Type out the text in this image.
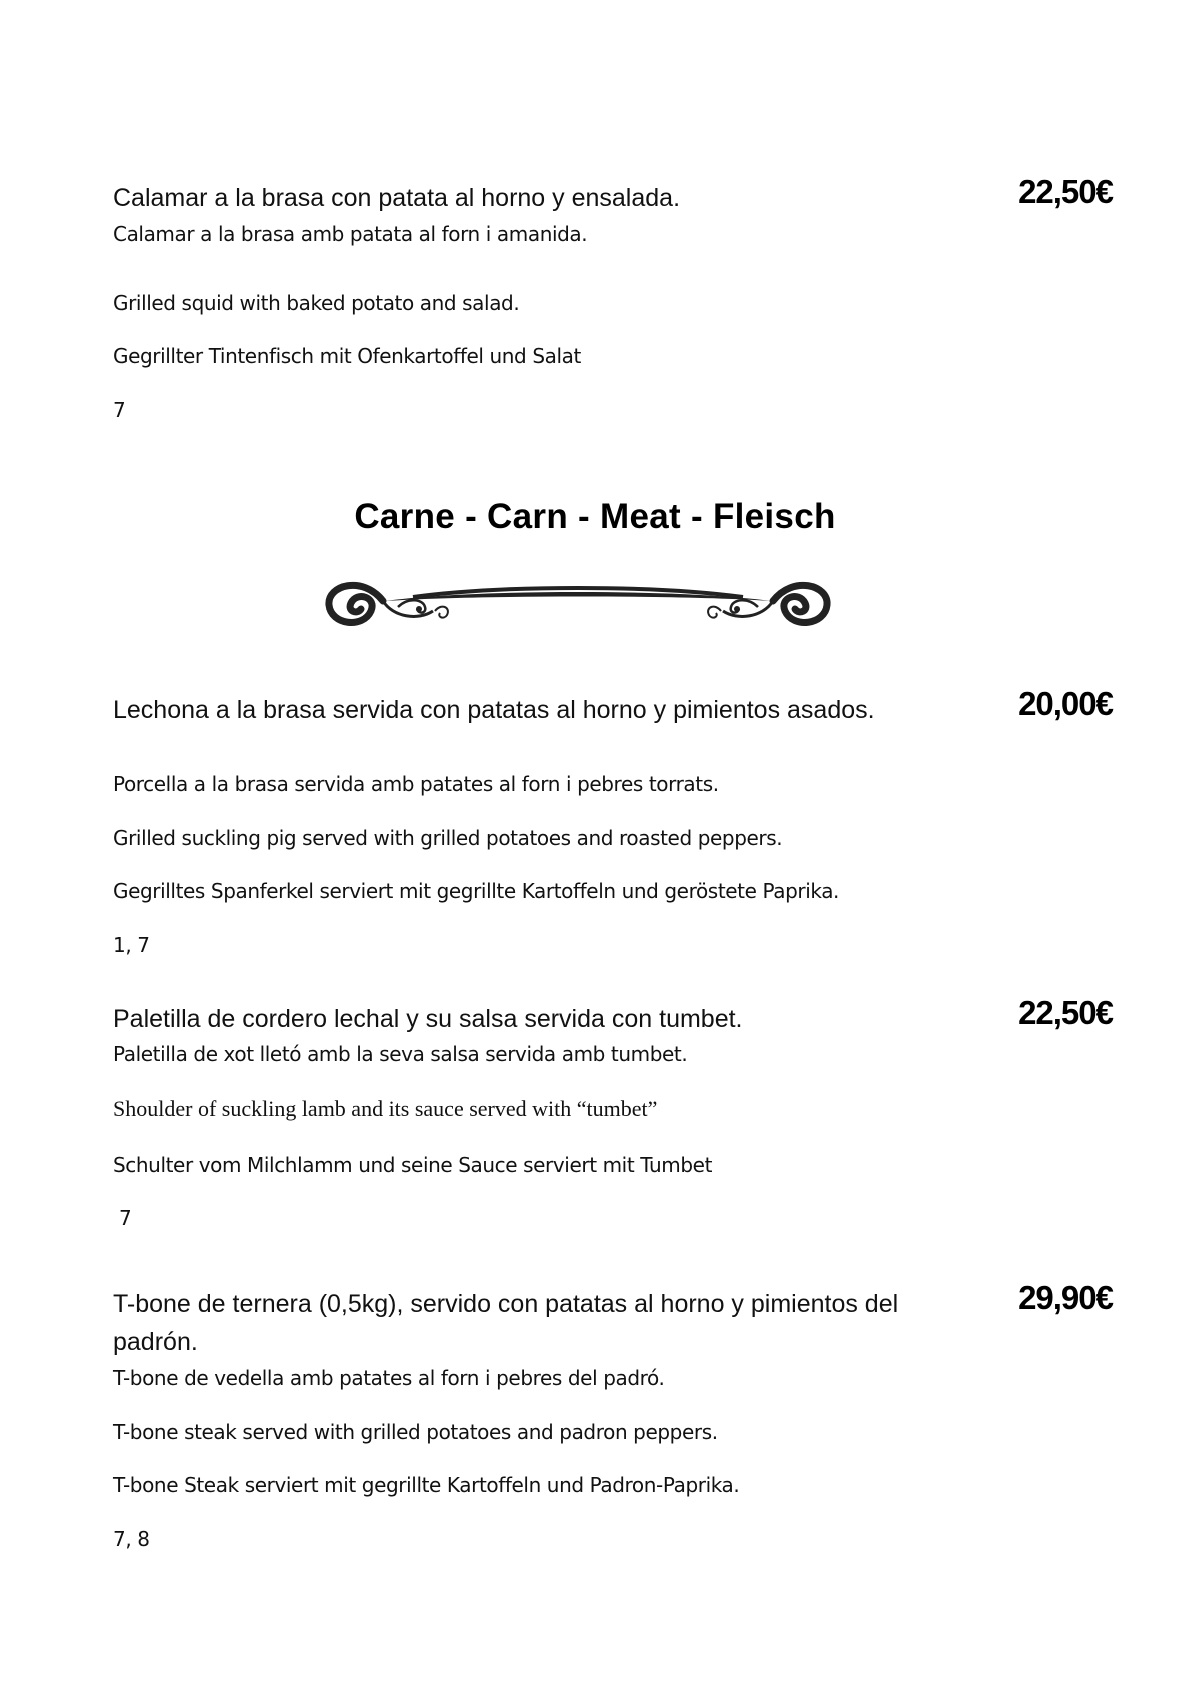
Calamar a la brasa con patata al horno y ensalada.	22,50€
Calamar a la brasa amb patata al forn i amanida.
Grilled squid with baked potato and salad.
Gegrillter Tintenfisch mit Ofenkartoffel und Salat
7
Carne - Carn - Meat - Fleisch
Lechona a la brasa servida con patatas al horno y pimientos asados.	20,00€
Porcella a la brasa servida amb patates al forn i pebres torrats.
Grilled suckling pig served with grilled potatoes and roasted peppers.
Gegrilltes Spanferkel serviert mit gegrillte Kartoffeln und geröstete Paprika.
1, 7
Paletilla de cordero lechal y su salsa servida con tumbet.	22,50€
Paletilla de xot lletó amb la seva salsa servida amb tumbet.
Shoulder of suckling lamb and its sauce served with “tumbet”
Schulter vom Milchlamm und seine Sauce serviert mit Tumbet
7
T-bone de ternera (0,5kg), servido con patatas al horno y pimientos del padrón.
29,90€
T-bone de vedella amb patates al forn i pebres del padró.
T-bone steak served with grilled potatoes and padron peppers.
T-bone Steak serviert mit gegrillte Kartoffeln und Padron-Paprika.
7, 8
